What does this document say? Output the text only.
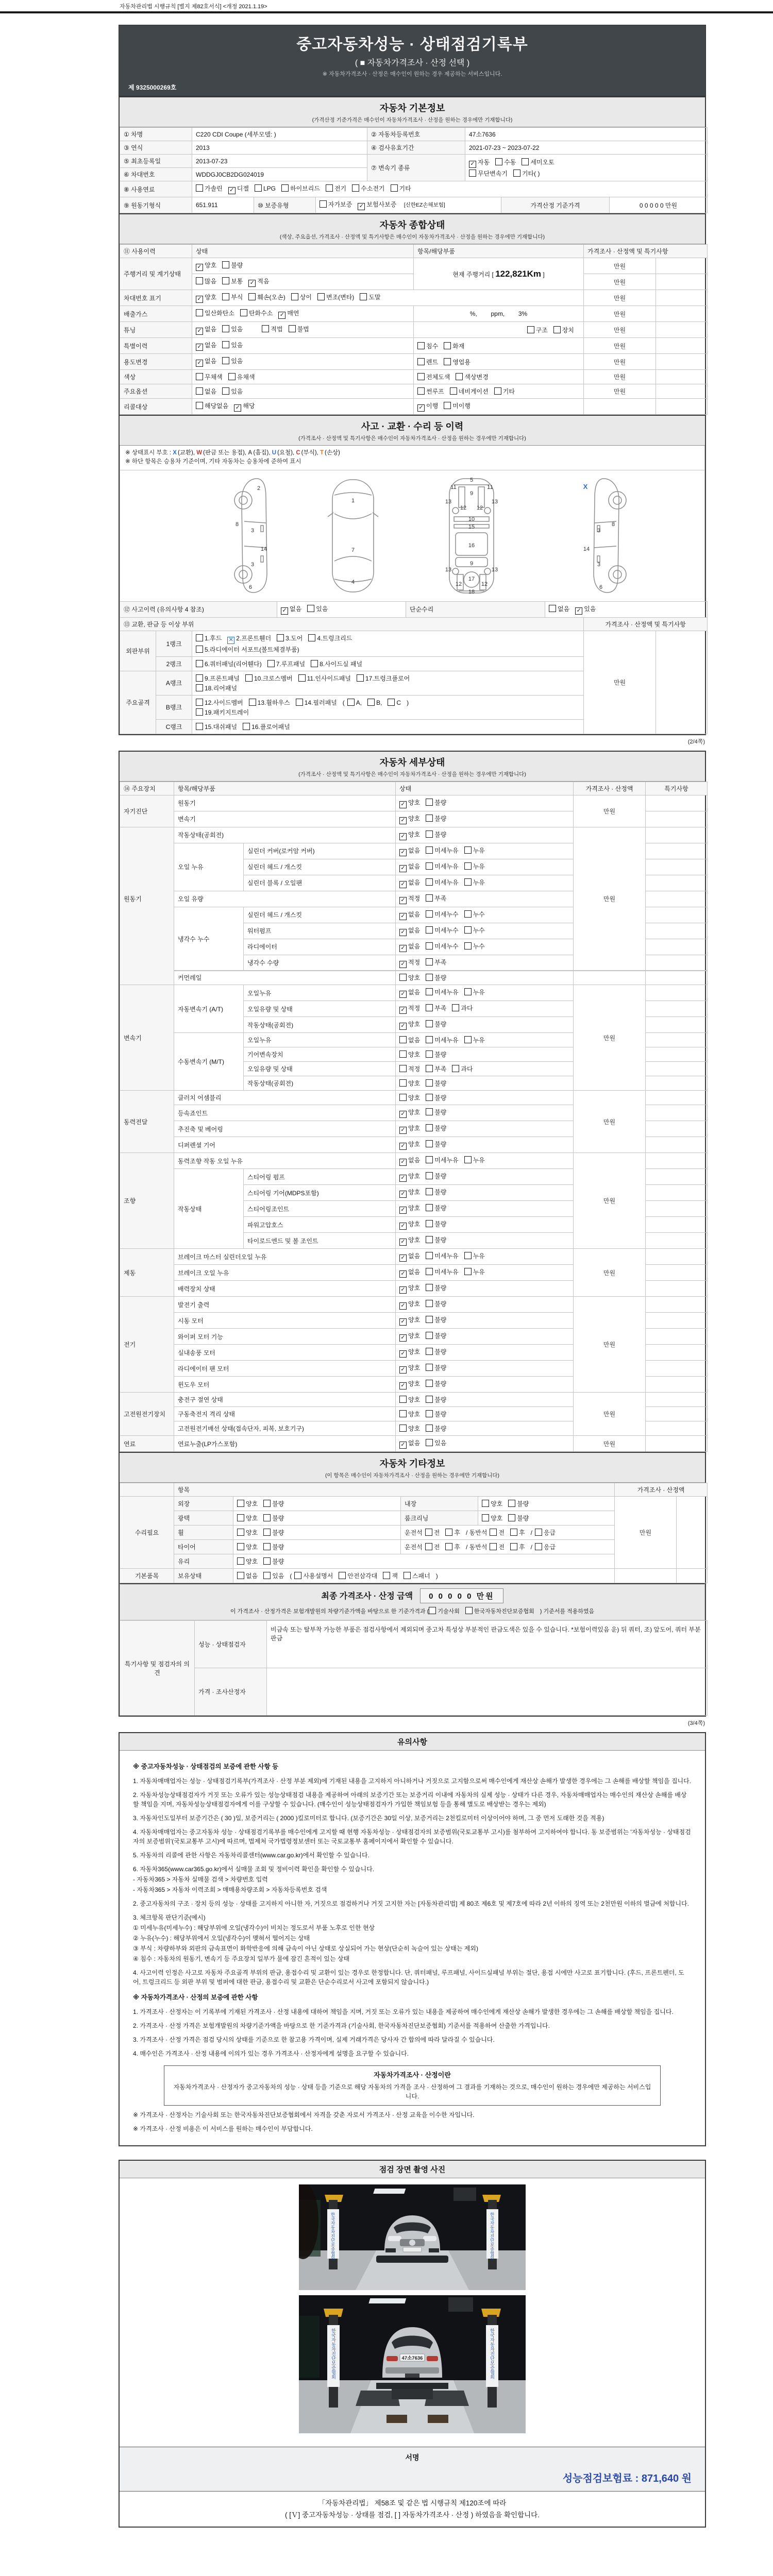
자동차관리법 시행규칙 [별지 제82호서식] <개정 2021.1.19>
중고자동차성능 · 상태점검기록부
( ■ 자동차가격조사 · 산정 선택 )
※ 자동차가격조사 · 산정은 매수인이 원하는 경우 제공하는 서비스입니다.
제 9325000269호
자동차 기본정보
(가격산정 기준가격은 매수인이 자동차가격조사 · 산정을 원하는 경우에만 기재합니다)
① 차명	C220 CDI Coupe (세부모델: )	② 자동차등록번호	47소7636
③ 연식	2013	④ 검사유효기간	2021-07-23 ~ 2023-07-22
⑤ 최초등록일	2013-07-23	⑦ 변속기 종류	✓ 자동 수동 세미오토
무단변속기 기타( )
⑥ 차대번호	WDDGJ0CB2DG024019		
⑧ 사용연료	가솔린 ✓ 디젤 LPG 하이브리드 전기 수소전기 기타		
⑨ 원동기형식	651.911	⑩ 보증유형	자가보증 ✓ 보험사보증 [신한EZ손해보험]	가격산정 기준가격	0 0 0 0 0 만원
자동차 종합상태
(색상, 주요옵션, 가격조사 · 산정액 및 특기사항은 매수인이 자동차가격조사 · 산정을 원하는 경우에만 기재합니다)
⑪ 사용이력	상태	항목/해당부품	가격조사 · 산정액 및 특기사항	
주행거리 및 계기상태	✓ 양호 불량	현재 주행거리 [ 122,821Km ]	만원	
	많음 보통 ✓ 적음		만원	
차대번호 표기	✓ 양호 부식 훼손(오손) 상이 변조(변타) 도말		만원	
배출가스	일산화탄소 탄화수소 ✓ 매연	%,        ppm,        3%	만원	
튜닝	✓ 없음 있음 적법 불법	구조 장치	만원	
특별이력	✓ 없음 있음	침수 화재	만원	
용도변경	✓ 없음 있음	렌트 영업용	만원	
색상	무채색 유채색	전체도색 색상변경	만원	
주요옵션	없음 있음	썬루프 네비게이션 기타	만원	
리콜대상	해당없음 ✓ 해당	✓ 이행 미이행		
사고 · 교환 · 수리 등 이력
(가격조사 · 산정액 및 특기사항은 매수인이 자동차가격조사 · 산정을 원하는 경우에만 기재합니다)
※ 상태표시 부호 : X (교환), W (판금 또는 용접), A (흠집), U (요철), C (부식), T (손상)
※ 하단 항목은 승용차 기준이며, 기타 자동차는 승용차에 준하여 표시
2
8
3
14
3
6
1
7
4
5
11	11
9
13	13
12 12
10
15
16
9
13	13
12	12
17
18
8
3
14
3
6
X
⑫ 사고이력 (유의사항 4 참조)	✓ 없음 있음	단순수리	없음 ✓ 있음
⑬ 교환, 판금 등 이상 부위			가격조사 · 산정액 및 특기사항	
외판부위	1랭크	1.후드 ✕ 2.프론트휀더 3.도어 4.트렁크리드
5.라디에이터 서포트(볼트체결부품)	만원	
	2랭크	6.쿼터패널(리어휀다) 7.루프패널 8.사이드실 패널		
주요골격	A랭크	9.프론트패널 10.크로스멤버 11.인사이드패널 17.트렁크플로어
18.리어패널		
	B랭크	12.사이드멤버 13.휠하우스 14.필러패널 ( A, B, C )
19.패키지트레이		
	C랭크	15.대쉬패널 16.플로어패널		
(2/4쪽)
자동차 세부상태
(가격조사 · 산정액 및 특기사항은 매수인이 자동차가격조사 · 산정을 원하는 경우에만 기재합니다)
⑭ 주요장치	항목/해당부품		상태	가격조사 · 산정액	특기사항
자기진단	원동기		✓ 양호 불량	만원	
	변속기		✓ 양호 불량		
원동기	작동상태(공회전)		✓ 양호 불량	만원	
	오일 누유	실린더 커버(로커암 커버)	✓ 없음 미세누유 누유		
		실린더 헤드 / 개스킷	✓ 없음 미세누유 누유		
		실린더 블록 / 오일팬	✓ 없음 미세누유 누유		
	오일 유량		✓ 적정 부족		
	냉각수 누수	실린더 헤드 / 개스킷	✓ 없음 미세누수 누수		
		워터펌프	✓ 없음 미세누수 누수		
		라디에이터	✓ 없음 미세누수 누수		
		냉각수 수량	✓ 적정 부족		

	커먼레일		양호 불량		
변속기	자동변속기 (A/T)	오일누유	✓ 없음 미세누유 누유	만원	
		오일유량 및 상태	✓ 적정 부족 과다		
		작동상태(공회전)	✓ 양호 불량		
	수동변속기 (M/T)	오일누유	없음 미세누유 누유		
		기어변속장치	양호 불량		
		오일유량 및 상태	적정 부족 과다		
		작동상태(공회전)	양호 불량		
동력전달	클러치 어셈블리		양호 불량	만원	
	등속죠인트		✓ 양호 불량		
	추진축 및 베어링		✓ 양호 불량		
	디퍼렌셜 기어		✓ 양호 불량		
조향	동력조향 작동 오일 누유		✓ 없음 미세누유 누유	만원	
	작동상태	스티어링 펌프	✓ 양호 불량		
		스티어링 기어(MDPS포함)	✓ 양호 불량		
		스티어링조인트	✓ 양호 불량		
		파워고압호스	✓ 양호 불량		
		타이로드엔드 및 볼 조인트	✓ 양호 불량		
제동	브레이크 마스터 실린더오일 누유		✓ 없음 미세누유 누유	만원	
	브레이크 오일 누유		✓ 없음 미세누유 누유		
	배력장치 상태		✓ 양호 불량		
전기	발전기 출력		✓ 양호 불량	만원	
	시동 모터		✓ 양호 불량		
	와이퍼 모터 기능		✓ 양호 불량		
	실내송풍 모터		✓ 양호 불량		
	라디에이터 팬 모터		✓ 양호 불량		
	윈도우 모터		✓ 양호 불량		
고전원전기장치	충전구 절연 상태		양호 불량	만원	
	구동축전지 격리 상태		양호 불량		
	고전원전기배선 상태(접속단자, 피복, 보호기구)		양호 불량		
연료	연료누출(LP가스포함)		✓ 없음 있음	만원	
자동차 기타정보
(이 항목은 매수인이 자동차가격조사 · 산정을 원하는 경우에만 기재합니다)
	항목				가격조사 · 산정액	
수리필요	외장	양호 불량	내장	양호 불량	만원	
	광택	양호 불량	룸크리닝	양호 불량		
	휠	양호 불량	운전석 전 후 / 동반석 전 후 / 응급			
	타이어	양호 불량	운전석 전 후 / 동반석 전 후 / 응급			
	유리	양호 불량				
기본품목	보유상태	없음 있음 ( 사용설명서 안전삼각대 잭 스패너 )				
최종 가격조사 · 산정 금액 0 0 0 0 0 만원
이 가격조사 · 산정가격은 보험개발원의 차량기준가액을 바탕으로 한 기준가격과 ( 기술사회	한국자동차진단보증협회 ) 기준서를 적용하였음
특기사항 및 점검자의 의견	성능 · 상태점검자	비금속 또는 탈부착 가능한 부품은 점검사항에서 제외되며 중고차 특성상 부분적인 판금도색은 있을 수 있습니다. *보험이력있음 운) 뒤 쿼터, 조) 앞도어, 쿼터 부분 판금
	가격 · 조사산정자	
(3/4쪽)
유의사항
※ 중고자동차성능 · 상태점검의 보증에 관한 사항 등

1. 자동차매매업자는 성능 · 상태점검기록부(가격조사 · 산정 부분 제외)에 기재된 내용을 고지하지 아니하거나 거짓으로 고지함으로써 매수인에게 재산상 손해가 발생한 경우에는 그 손해를 배상할 책임을 집니다.

2. 자동차성능상태점검자가 거짓 또는 오류가 있는 성능상태점검 내용을 제공하여 아래의 보증기간 또는 보증거리 이내에 자동차의 실제 성능 · 상태가 다른 경우, 자동차매매업자는 매수인의 재산상 손해를 배상할 책임을 지며, 자동차성능상태점검자에게 이를 구상할 수 있습니다. (매수인이 성능상태점검자가 가입한 책임보험 등을 통해 별도로 배상받는 경우는 제외)

3. 자동차인도일부터 보증기간은 ( 30 )일, 보증거리는 ( 2000 )킬로미터로 합니다. (보증기간은 30일 이상, 보증거리는 2천킬로미터 이상이어야 하며, 그 중 먼저 도래한 것을 적용)

4. 자동차매매업자는 중고자동차 성능 · 상태점검기록부를 매수인에게 고지할 때 현행 자동차성능 · 상태점검자의 보증범위(국토교통부 고시)를 첨부하여 고지하여야 합니다. 동 보증범위는 '자동차성능 · 상태점검자의 보증범위'(국토교통부 고시)에 따르며, 법제처 국가법령정보센터 또는 국토교통부 홈페이지에서 확인할 수 있습니다.

5. 자동차의 리콜에 관한 사항은 자동차리콜센터(www.car.go.kr)에서 확인할 수 있습니다.

6. 자동차365(www.car365.go.kr)에서 실매물 조회 및 정비이력 확인을 확인할 수 있습니다.

- 자동차365 > 자동차 실매물 검색 > 차량번호 입력

- 자동차365 > 자동차 이력조회 > 매매용차량조회 > 자동차등록번호 검색

2. 중고자동차의 구조 · 장치 등의 성능 · 상태를 고지하지 아니한 자, 거짓으로 점검하거나 거짓 고지한 자는 [자동차관리법] 제 80조 제6호 및 제7호에 따라 2년 이하의 징역 또는 2천만원 이하의 벌금에 처합니다.

3. 체크항목 판단기준(예시)

① 미세누유(미세누수) : 해당부위에 오일(냉각수)이 비치는 정도로서 부품 노후로 인한 현상

② 누유(누수) : 해당부위에서 오일(냉각수)이 맺혀서 떨어지는 상태

③ 부식 : 차량하부와 외판의 금속표면이 화학반응에 의해 금속이 아닌 상태로 상실되어 가는 현상(단순히 녹슬어 있는 상태는 제외)

④ 침수 : 자동차의 원동기, 변속기 등 주요장치 일부가 물에 잠긴 흔적이 있는 상태

4. 사고이력 인정은 사고로 자동차 주요골격 부위의 판금, 용접수리 및 교환이 있는 경우로 한정합니다. 단, 쿼터패널, 루프패널, 사이드실패널 부위는 절단, 용접 시에만 사고로 표기합니다. (후드, 프론트펜더, 도어, 트렁크리드 등 외판 부위 및 범퍼에 대한 판금, 용접수리 및 교환은 단순수리로서 사고에 포함되지 않습니다.)

※ 자동차가격조사 · 산정의 보증에 관한 사항

1. 가격조사 · 산정자는 이 기록부에 기재된 가격조사 · 산정 내용에 대하여 책임을 지며, 거짓 또는 오류가 있는 내용을 제공하여 매수인에게 재산상 손해가 발생한 경우에는 그 손해를 배상할 책임을 집니다.

2. 가격조사 · 산정 가격은 보험개발원의 차량기준가액을 바탕으로 한 기준가격과 (기술사회, 한국자동차진단보증협회) 기준서를 적용하여 산출한 가격입니다.

3. 가격조사 · 산정 가격은 점검 당시의 상태를 기준으로 한 참고용 가격이며, 실제 거래가격은 당사자 간 합의에 따라 달라질 수 있습니다.

4. 매수인은 가격조사 · 산정 내용에 이의가 있는 경우 가격조사 · 산정자에게 설명을 요구할 수 있습니다.

자동차가격조사 · 산정이란
자동차가격조사 · 산정자가 중고자동차의 성능 · 상태 등을 기준으로 해당 자동차의 가격을 조사 · 산정하여 그 결과를 기재하는 것으로, 매수인이 원하는 경우에만 제공하는 서비스입니다.

※ 가격조사 · 산정자는 기술사회 또는 한국자동차진단보증협회에서 자격을 갖춘 자로서 가격조사 · 산정 교육을 이수한 자입니다.

※ 가격조사 · 산정 비용은 이 서비스를 원하는 매수인이 부담합니다.

점검 장면 촬영 사진
한국자동차진단보증협회	한국자동차진단보증협회
한국자동차진단보증협회	한국자동차진단보증협회
47소7636
서명
성능점검보험료 : 871,640 원
「자동차관리법」 제58조 및 같은 법 시행규칙 제120조에 따라
( [Ｖ] 중고자동차성능 · 상태를 점검, [ ] 자동차가격조사 · 산정 ) 하였음을 확인합니다.
